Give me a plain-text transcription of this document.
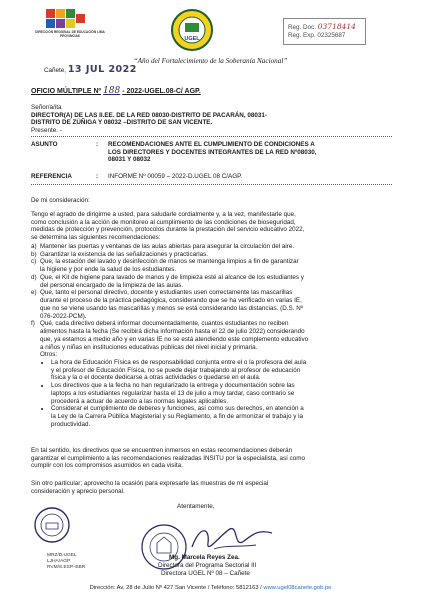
DIRECCIÓN REGIONAL DE EDUCACIÓN LIMA PROVINCIAS
UGEL
Reg. Doc. 03718414
Reg. Exp. 02325687
“Año del Fortalecimiento de la Soberanía Nacional”
Cañete, 13 JUL 2022
OFICIO MÚLTIPLE Nº 188 - 2022-UGEL.08-C/ AGP.

Señor/a/ita

DIRECTOR(A) DE LAS II.EE. DE LA RED 08030-DISTRITO DE PACARÁN, 08031-

DISTRITO DE ZÚÑIGA Y 08032 –DISTRITO DE SAN VICENTE.

Presente. -

ASUNTO	: RECOMENDACIONES ANTE EL CUMPLIMIENTO DE CONDICIONES A

LOS DIRECTORES Y DOCENTES INTEGRANTES DE LA RED Nº08030,

08031 Y 08032

REFERENCIA	: INFORME Nº 00059 – 2022-D.UGEL 08 C/AGP.
De mi consideración:

Tengo el agrado de dirigirme a usted, para saludarle cordialmente y, a la vez, manifestarle que,

como conclusión a la acción de monitoreo al cumplimiento de las condiciones de bioseguridad,

medidas de protección y prevención, protocolos durante la prestación del servicio educativo 2022,

se determina las siguientes recomendaciones:

a) Mantener las puertas y ventanas de las aulas abiertas para asegurar la circulación del aire.
b) Garantizar la existencia de las señalizaciones y practicarlas.
c) Que, la estación del lavado y desinfección de manos se mantenga limpios a fin de garantizar

la higiene y por ende la salud de los estudiantes.

d) Que, el Kit de higiene para lavado de manos y de limpieza esté al alcance de los estudiantes y

del personal encargado de la limpieza de las aulas.

e) Que, tanto el personal directivo, docente y estudiantes usen correctamente las mascarillas

durante el proceso de la práctica pedagógica, considerando que se ha verificado en varias IE,

que no se viene usando las mascarillas y menos se está considerando las distancias. (D.S. Nº

076-2022-PCM).

f) Qué, cada directivo deberá informar documentadamente, cuantos estudiantes no reciben

alimentos hasta la fecha (Se recibirá dicha información hasta el 22 de julio 2022) considerando

que, ya estamos a medio año y en varias IE no se está atendiendo este complemento educativo

a niños y niñas en instituciones educativas públicas del nivel inicial y primaria.

Otros:

• La hora de Educación Física es de responsabilidad conjunta entre el o la profesora del aula

y el profesor de Educación Física, no se puede dejar trabajando al profesor de educación

física y la o el docente dedicarse a otras actividades o quedarse en el aula.

• Los directivos que a la fecha no han regularizado la entrega y documentación sobre las

laptops a los estudiantes regularizar hasta el 13 de julio a muy tardar, caso contrario se

procederá a actuar de acuerdo a las normas legales aplicables.

• Considerar el cumplimiento de deberes y funciones, así como sus derechos, en atención a

la Ley de la Carrera Pública Magisterial y su Reglamento, a fin de armonizar el trabajo y la

productividad.

En tal sentido, los directivos que se encuentren inmersos en estas recomendaciones deberán

garantizar el cumplimiento a las recomendaciones realizadas INSITU por la especialista, así como

cumplir con los compromisos asumidos en cada visita.

Sin otro particular; aprovecho la ocasión para expresarle las muestras de mi especial

consideración y aprecio personal.

Atentamente,
Mg. Marcela Reyes Zea.
Directora del Programa Sectorial III
Directora UGEL Nº 08 – Cañete

MRZ/D.UGEL

LJHA/AGP

RVM/S.ESP.-EBR

Dirección: Av. 28 de Julio Nº 427 San Vicente / Teléfono: 5812163 / www.ugel08canete.gob.pe
